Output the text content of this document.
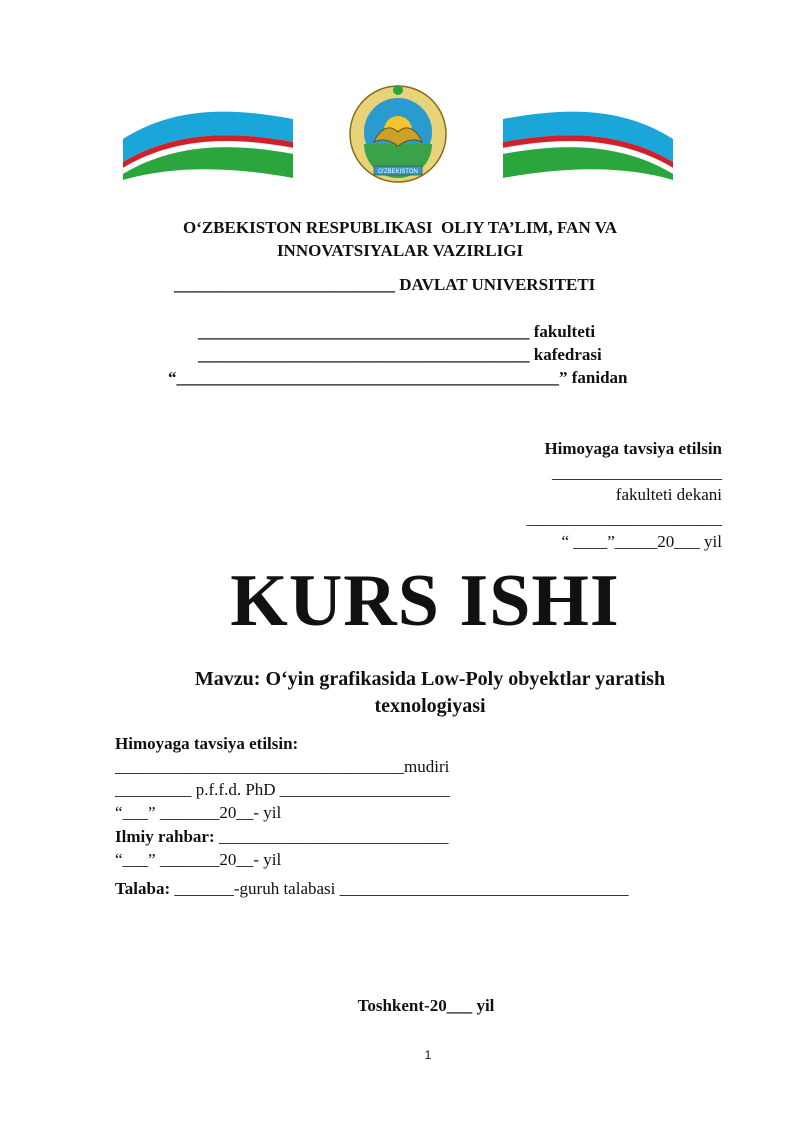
O'ZBEKISTON
O‘ZBEKISTON RESPUBLIKASI  OLIY TA’LIM, FAN VA
INNOVATSIYALAR VAZIRLIGI
__________________________ DAVLAT UNIVERSITETI
_______________________________________ fakulteti
_______________________________________ kafedrasi
“_____________________________________________” fanidan
Himoyaga tavsiya etilsin
____________________
fakulteti dekani
_______________________
“ ____”_____20___ yil
KURS ISHI
Mavzu: O‘yin grafikasida Low-Poly obyektlar yaratish
texnologiyasi
Himoyaga tavsiya etilsin:
__________________________________mudiri
_________ p.f.f.d. PhD ____________________
“___” _______20__- yil
Ilmiy rahbar: ___________________________
“___” _______20__- yil
Talaba: _______-guruh talabasi __________________________________
Toshkent-20___ yil
1
